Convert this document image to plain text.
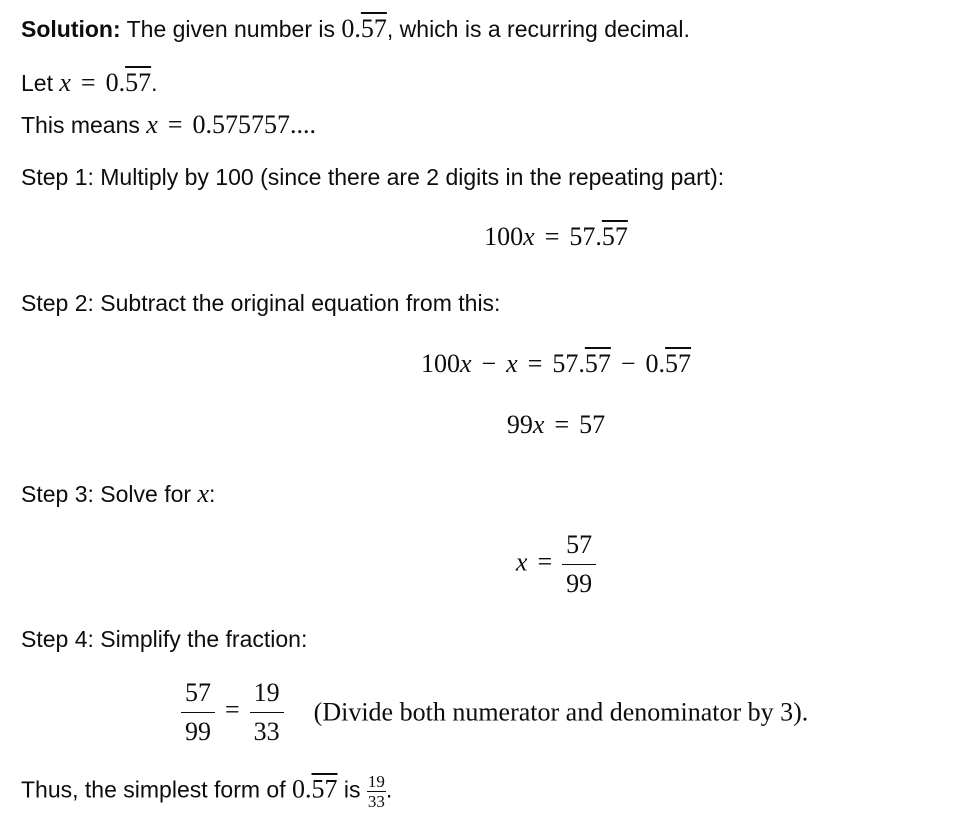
Solution: The given number is 0.57, which is a recurring decimal.
Let x = 0.57.
This means x = 0.575757....
Step 1: Multiply by 100 (since there are 2 digits in the repeating part):
100x = 57.57
Step 2: Subtract the original equation from this:
100x − x = 57.57 − 0.57
99x = 57
Step 3: Solve for x:
$x = \frac{57}{99}$
Step 4: Simplify the fraction:
$\frac{57}{99} = \frac{19}{33}$ (Divide both numerator and denominator by 3).
Thus, the simplest form of 0.57 is $\frac{19}{33}$ .
